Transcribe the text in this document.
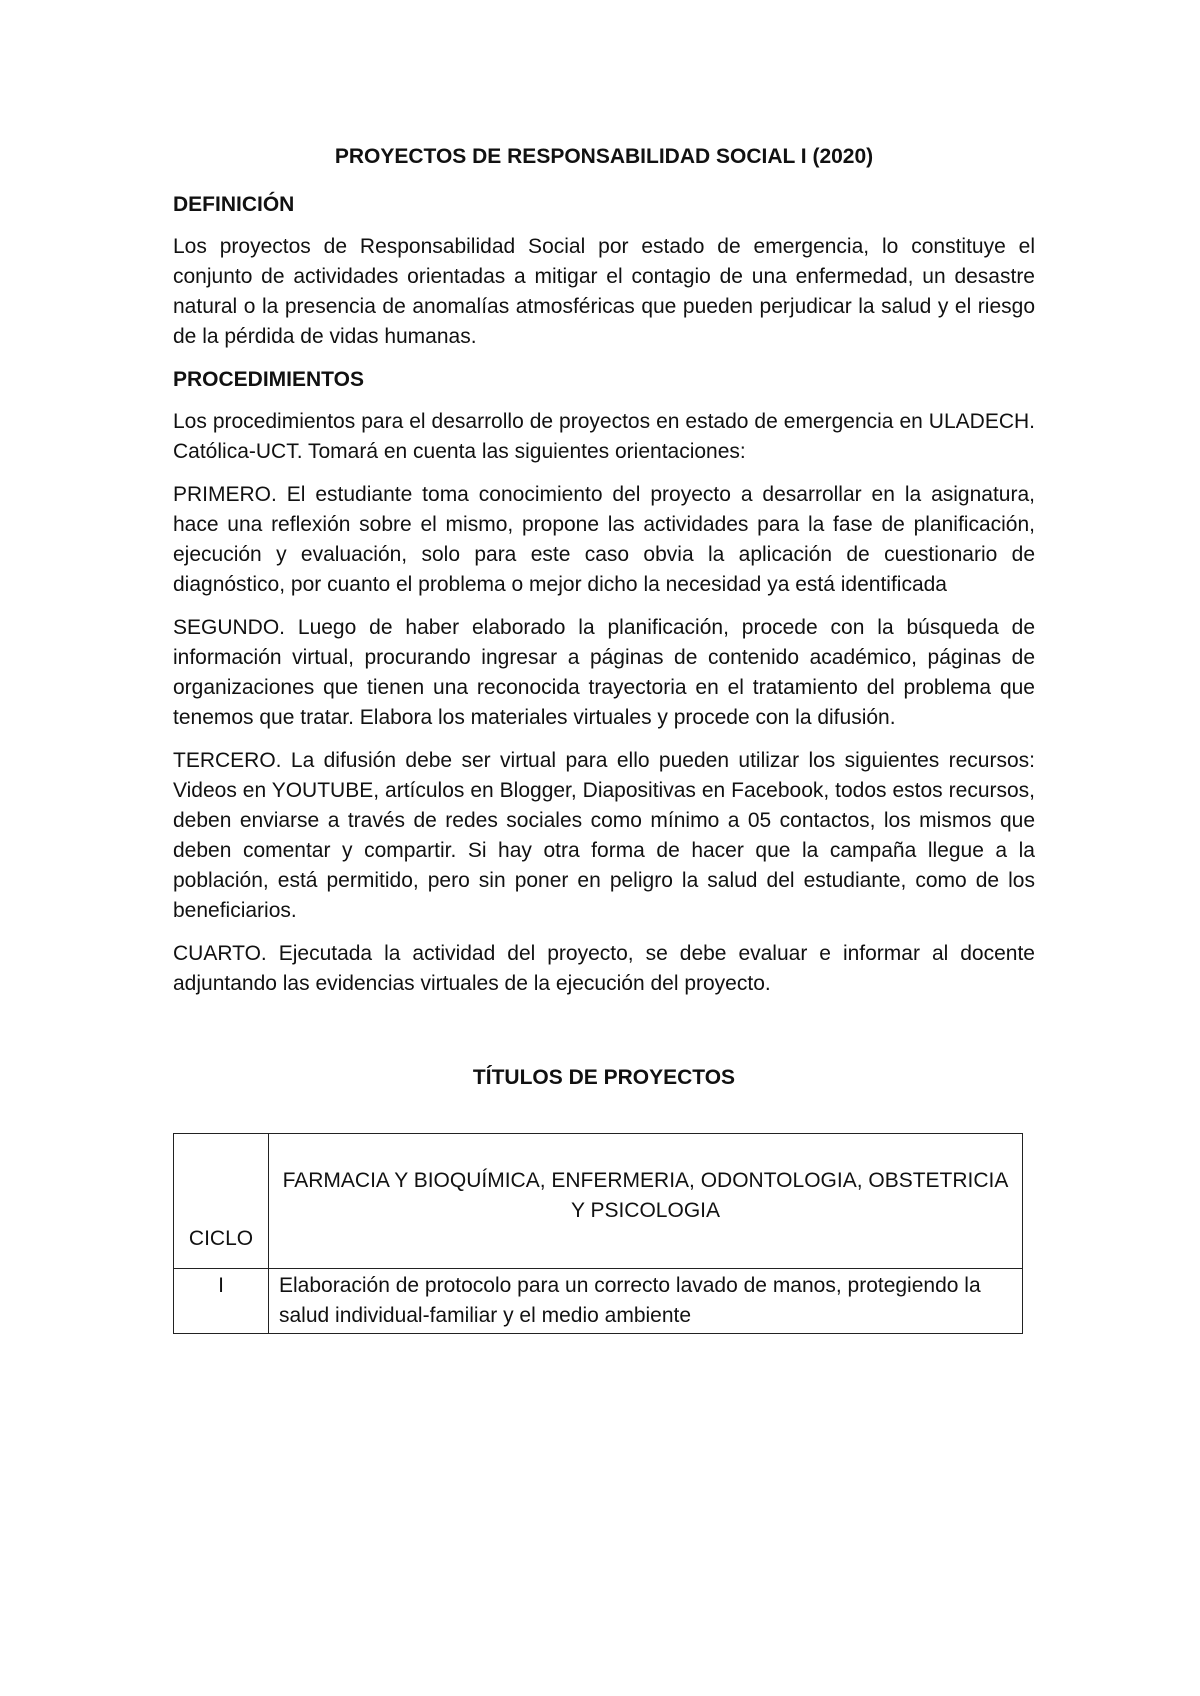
PROYECTOS DE RESPONSABILIDAD SOCIAL I (2020)
DEFINICIÓN

Los proyectos de Responsabilidad Social por estado de emergencia, lo constituye el conjunto de actividades orientadas a mitigar el contagio de una enfermedad, un desastre natural o la presencia de anomalías atmosféricas que pueden perjudicar la salud y el riesgo de la pérdida de vidas humanas.

PROCEDIMIENTOS

Los procedimientos para el desarrollo de proyectos en estado de emergencia en ULADECH. Católica-UCT. Tomará en cuenta las siguientes orientaciones:

PRIMERO. El estudiante toma conocimiento del proyecto a desarrollar en la asignatura, hace una reflexión sobre el mismo, propone las actividades para la fase de planificación, ejecución y evaluación, solo para este caso obvia la aplicación de cuestionario de diagnóstico, por cuanto el problema o mejor dicho la necesidad ya está identificada

SEGUNDO. Luego de haber elaborado la planificación, procede con la búsqueda de información virtual, procurando ingresar a páginas de contenido académico, páginas de organizaciones que tienen una reconocida trayectoria en el tratamiento del problema que tenemos que tratar. Elabora los materiales virtuales y procede con la difusión.

TERCERO. La difusión debe ser virtual para ello pueden utilizar los siguientes recursos: Videos en YOUTUBE, artículos en Blogger, Diapositivas en Facebook, todos estos recursos, deben enviarse a través de redes sociales como mínimo a 05 contactos, los mismos que deben comentar y compartir. Si hay otra forma de hacer que la campaña llegue a la población, está permitido, pero sin poner en peligro la salud del estudiante, como de los beneficiarios.

CUARTO. Ejecutada la actividad del proyecto, se debe evaluar e informar al docente adjuntando las evidencias virtuales de la ejecución del proyecto.

TÍTULOS DE PROYECTOS
CICLO	FARMACIA Y BIOQUÍMICA, ENFERMERIA, ODONTOLOGIA, OBSTETRICIA Y PSICOLOGIA
I	Elaboración de protocolo para un correcto lavado de manos, protegiendo la salud individual-familiar y el medio ambiente
